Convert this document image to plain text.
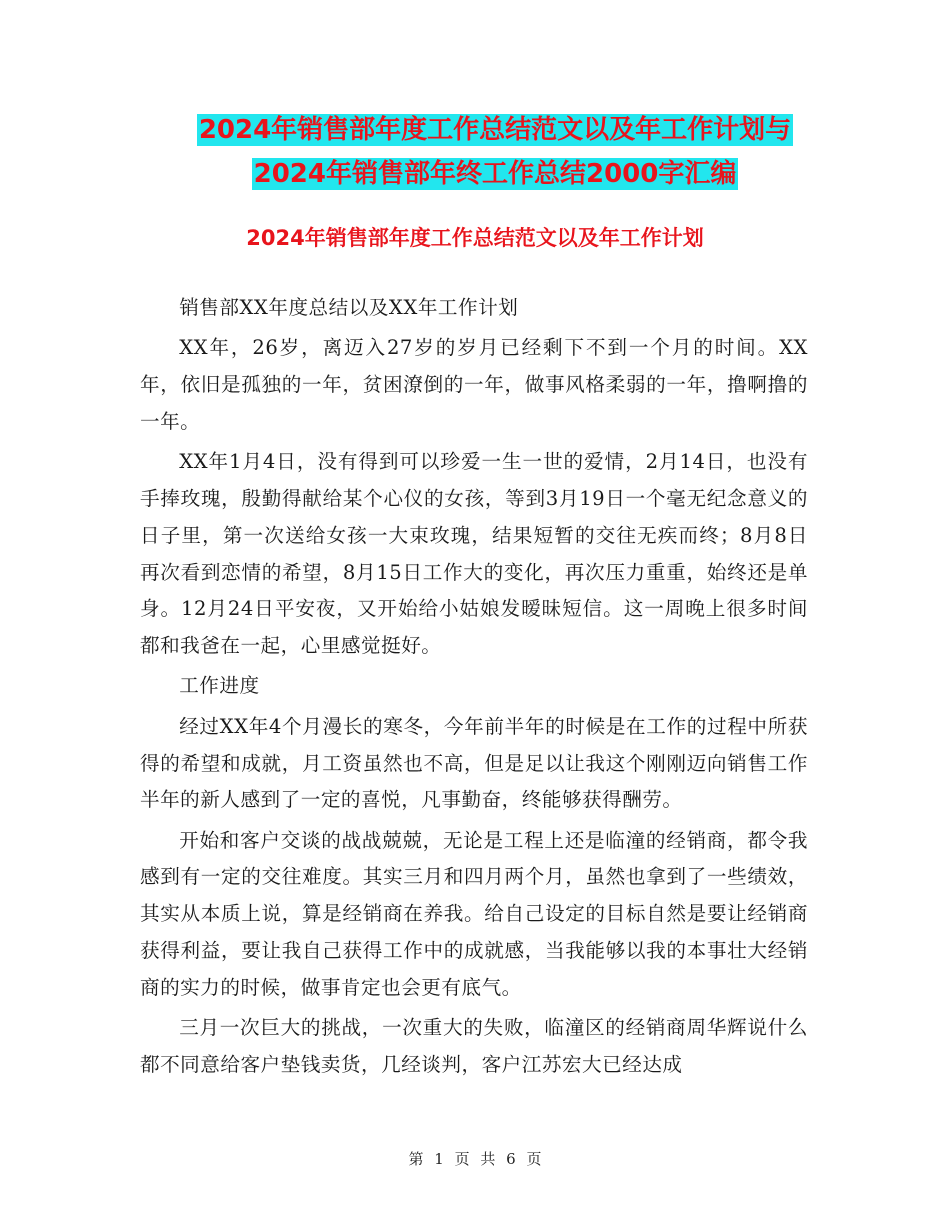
2024年销售部年度工作总结范文以及年工作计划与
2024年销售部年终工作总结2000字汇编
2024年销售部年度工作总结范文以及年工作计划

销售部XX年度总结以及XX年工作计划

XX年，26岁，离迈入27岁的岁月已经剩下不到一个月的时间。XX年，依旧是孤独的一年，贫困潦倒的一年，做事风格柔弱的一年，撸啊撸的一年。

XX年1月4日，没有得到可以珍爱一生一世的爱情，2月14日，也没有手捧玫瑰，殷勤得献给某个心仪的女孩，等到3月19日一个毫无纪念意义的日子里，第一次送给女孩一大束玫瑰，结果短暂的交往无疾而终；8月8日再次看到恋情的希望，8月15日工作大的变化，再次压力重重，始终还是单身。12月24日平安夜，又开始给小姑娘发暧昧短信。这一周晚上很多时间都和我爸在一起，心里感觉挺好。

工作进度

经过XX年4个月漫长的寒冬，今年前半年的时候是在工作的过程中所获得的希望和成就，月工资虽然也不高，但是足以让我这个刚刚迈向销售工作半年的新人感到了一定的喜悦，凡事勤奋，终能够获得酬劳。

开始和客户交谈的战战兢兢，无论是工程上还是临潼的经销商，都令我感到有一定的交往难度。其实三月和四月两个月，虽然也拿到了一些绩效，其实从本质上说，算是经销商在养我。给自己设定的目标自然是要让经销商获得利益，要让我自己获得工作中的成就感，当我能够以我的本事壮大经销商的实力的时候，做事肯定也会更有底气。

三月一次巨大的挑战，一次重大的失败，临潼区的经销商周华辉说什么都不同意给客户垫钱卖货，几经谈判，客户江苏宏大已经达成

第 1 页 共 6 页
